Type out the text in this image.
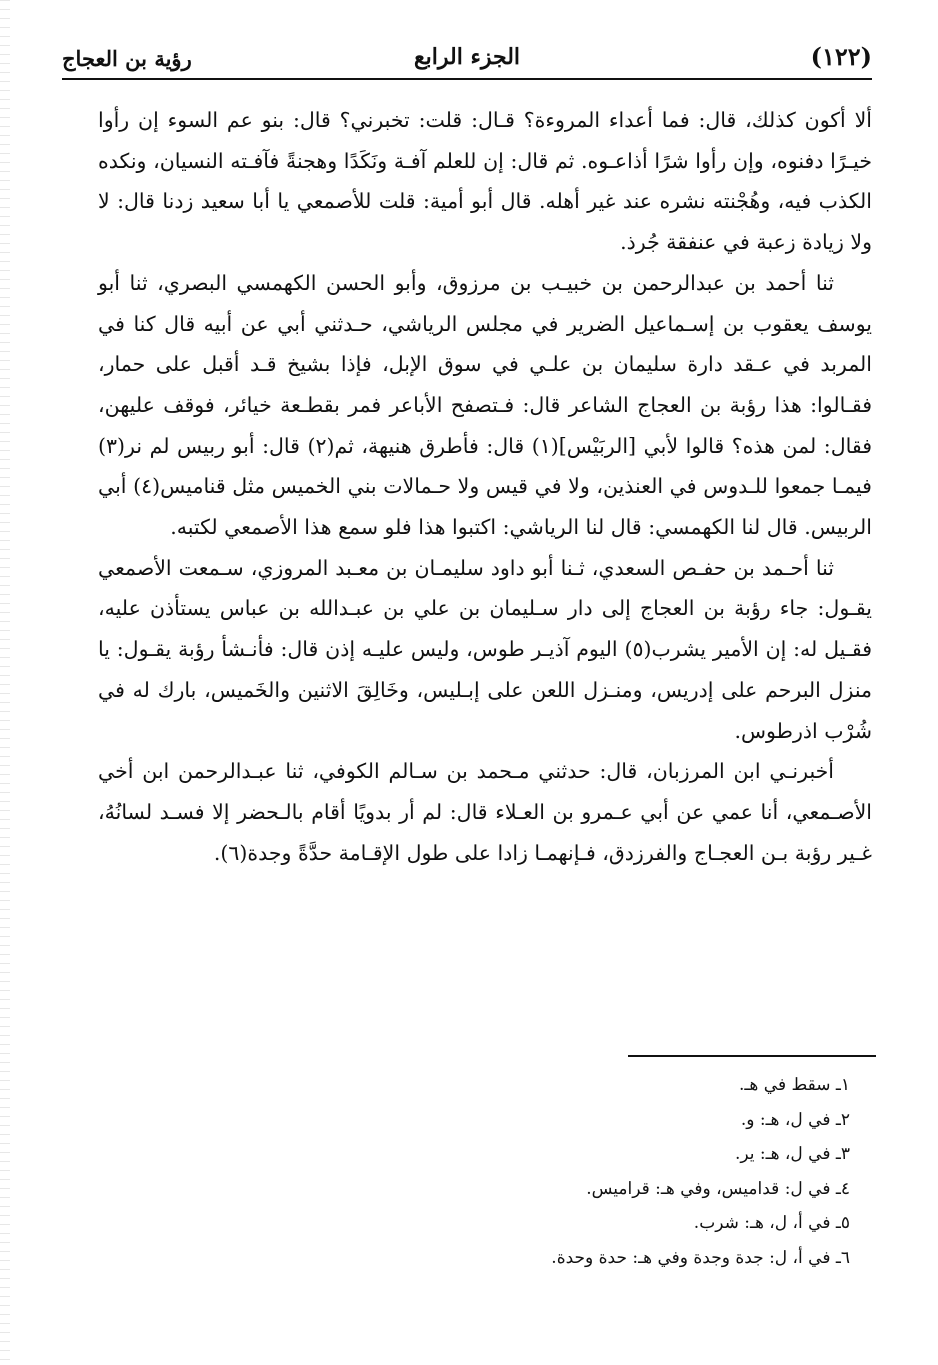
(١٢٢)
الجزء الرابع
رؤية بن العجاج

ألا أكون كذلك، قال: فما أعداء المروءة؟ قـال: قلت: تخبرني؟ قال: بنو عم السوء إن رأوا خيـرًا دفنوه، وإن رأوا شرًا أذاعـوه. ثم قال: إن للعلم آفـة ونَكَدًا وهجنةً فآفـته النسيان، ونكده الكذب فيه، وهُجْنته نشره عند غير أهله. قال أبو أمية: قلت للأصمعي يا أبا سعيد زدنا قال: لا ولا زيادة زعبة في عنفقة جُرذ.

ثنا أحمد بن عبدالرحمن بن خبيـب بن مرزوق، وأبو الحسن الكهمسي البصري، ثنا أبو يوسف يعقوب بن إسـماعيل الضرير في مجلس الرياشي، حـدثني أبي عن أبيه قال كنا في المربد في عـقد دارة سليمان بن علـي في سوق الإبل، فإذا بشيخ قـد أقبل على حمار، فقـالوا: هذا رؤبة بن العجاج الشاعر قال: فـتصفح الأباعر فمر بقطـعة خيائر، فوقف عليهن، فقال: لمن هذه؟ قالوا لأبي [الربَيْس](١) قال: فأطرق هنيهة، ثم(٢) قال: أبو ربيس لم نر(٣) فيمـا جمعوا للـدوس في العنذين، ولا في قيس ولا حـمالات بني الخميس مثل قناميس(٤) أبي الربيس. قال لنا الكهمسي: قال لنا الرياشي: اكتبوا هذا فلو سمع هذا الأصمعي لكتبه.

ثنا أحـمد بن حفـص السعدي، ثـنا أبو داود سليمـان بن معـبد المروزي، سـمعت الأصمعي يقـول: جاء رؤبة بن العجاج إلى دار سـليمان بن علي بن عبـدالله بن عباس يستأذن عليه، فقـيل له: إن الأمير يشرب(٥) اليوم آذيـر طوس، وليس عليـه إذن قال: فأنـشأ رؤبة يقـول: يا منزل البرحم على إدريس، ومنـزل اللعن على إبـليس، وخَالِقَ الاثنين والخَميس، بارك له في شُرْب اذرطوس.

أخبرنـي ابن المرزبان، قال: حدثني مـحمد بن سـالم الكوفي، ثنا عبـدالرحمن ابن أخي الأصـمعي، أنا عمي عن أبي عـمرو بن العـلاء قال: لم أر بدويًا أقام بالـحضر إلا فسـد لسانُهُ، غـير رؤبة بـن العجـاج والفرزدق، فـإنهمـا زادا على طول الإقـامة حدَّةً وجدة(٦).

١ـ سقط في هـ.
٢ـ في ل، هـ: و.
٣ـ في ل، هـ: ير.
٤ـ في ل: قداميس، وفي هـ: قراميس.
٥ـ في أ، ل، هـ: شرب.
٦ـ في أ، ل: جدة وجدة وفي هـ: حدة وحدة.
